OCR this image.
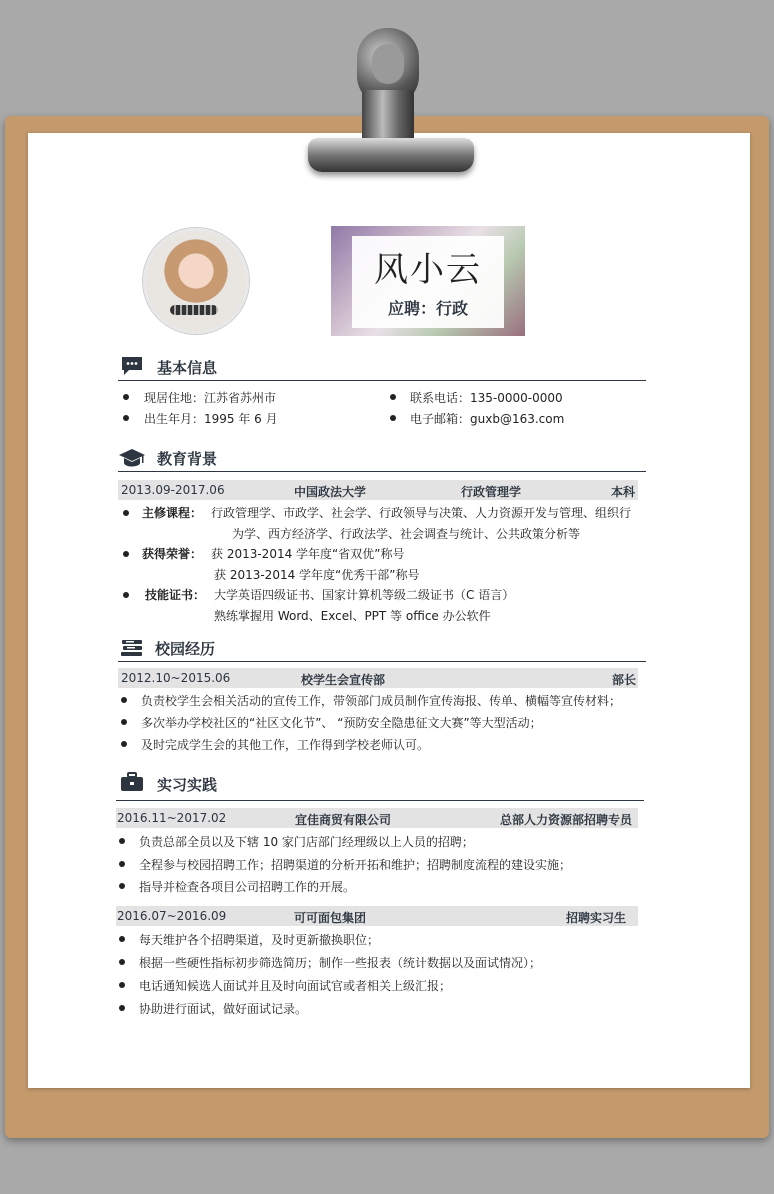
风小云
应聘：行政
基本信息
现居住地：江苏省苏州市	联系电话：135-0000-0000
出生年月：1995 年 6 月	电子邮箱：guxb@163.com
教育背景
2013.09-2017.06	中国政法大学	行政管理学	本科
主修课程： 行政管理学、市政学、社会学、行政领导与决策、人力资源开发与管理、组织行
为学、西方经济学、行政法学、社会调查与统计、公共政策分析等
获得荣誉： 获 2013-2014 学年度“省双优”称号
获 2013-2014 学年度“优秀干部”称号
技能证书： 大学英语四级证书、国家计算机等级二级证书（C 语言）
熟练掌握用 Word、Excel、PPT 等 office 办公软件
校园经历
2012.10~2015.06	校学生会宣传部	部长
负责校学生会相关活动的宣传工作，带领部门成员制作宣传海报、传单、横幅等宣传材料；
多次举办学校社区的“社区文化节”、 “预防安全隐患征文大赛”等大型活动；
及时完成学生会的其他工作，工作得到学校老师认可。
实习实践
2016.11~2017.02	宜佳商贸有限公司	总部人力资源部招聘专员
负责总部全员以及下辖 10 家门店部门经理级以上人员的招聘；
全程参与校园招聘工作；招聘渠道的分析开拓和维护；招聘制度流程的建设实施；
指导并检查各项目公司招聘工作的开展。
2016.07~2016.09	可可面包集团	招聘实习生
每天维护各个招聘渠道，及时更新撤换职位；
根据一些硬性指标初步筛选简历；制作一些报表（统计数据以及面试情况）；
电话通知候选人面试并且及时向面试官或者相关上级汇报；
协助进行面试，做好面试记录。
